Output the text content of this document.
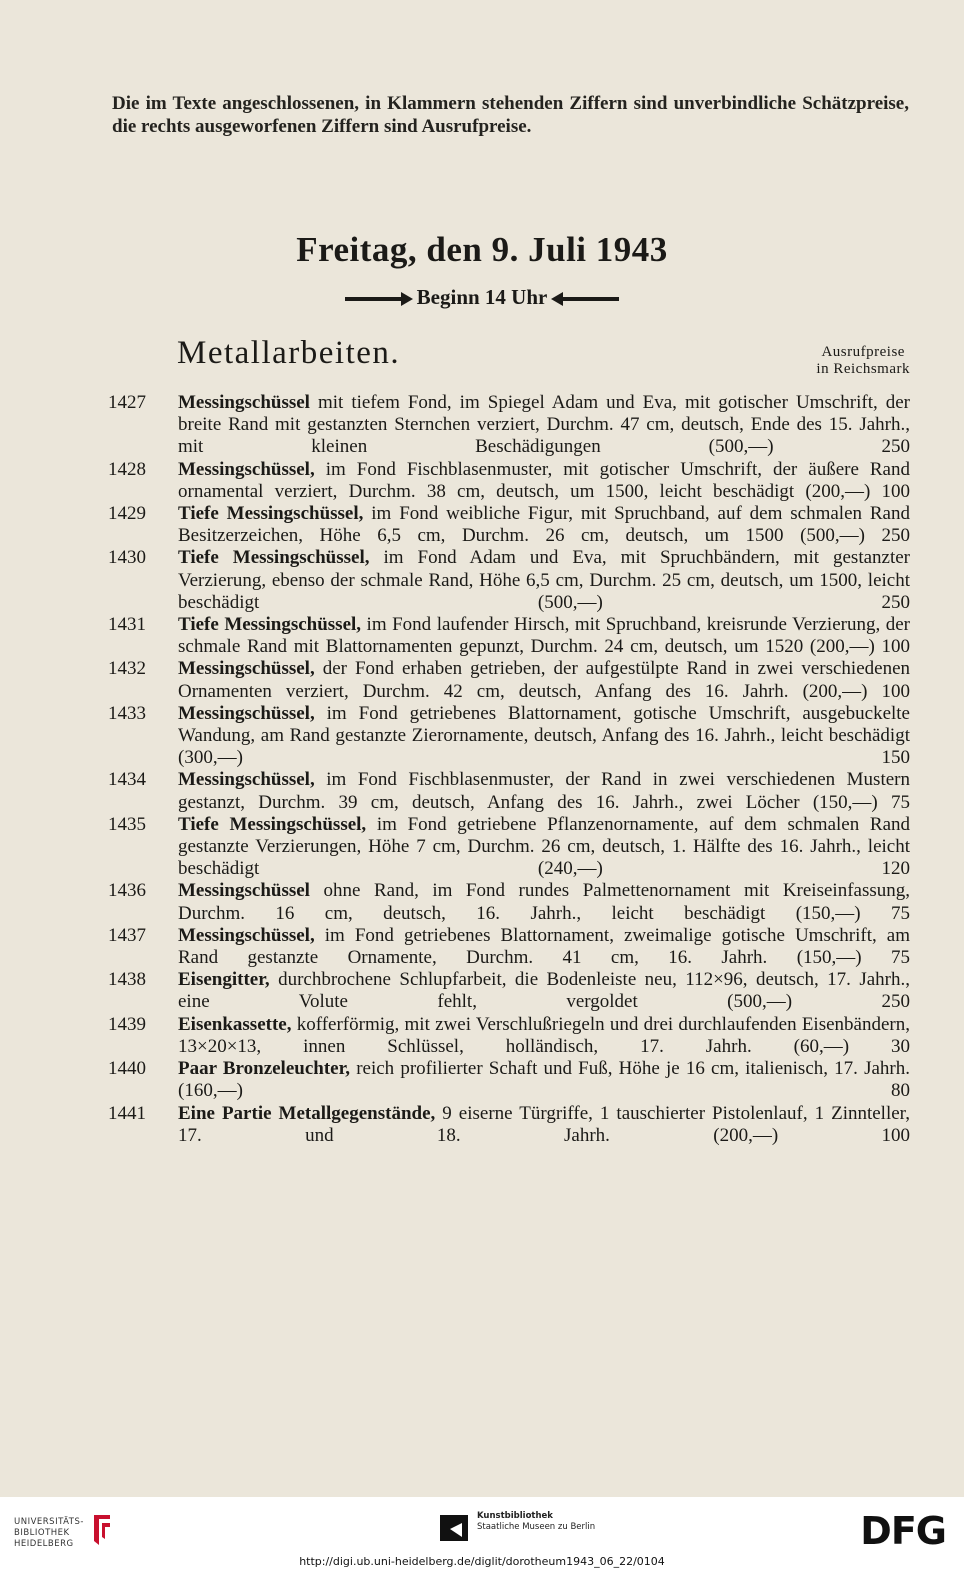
Die im Texte angeschlossenen, in Klammern stehenden Ziffern sind unverbindliche Schätzpreise, die rechts ausgeworfenen Ziffern sind Ausrufpreise.
Freitag, den 9. Juli 1943
Beginn 14 Uhr
Metallarbeiten.	Ausrufpreise
in Reichsmark
1427 Messingschüssel mit tiefem Fond, im Spiegel Adam und Eva, mit gotischer Umschrift, der breite Rand mit gestanzten Sternchen verziert, Durchm. 47 cm, deutsch, Ende des 15. Jahrh., mit kleinen Beschädigungen (500,—)	250
1428 Messingschüssel, im Fond Fischblasenmuster, mit gotischer Umschrift, der äußere Rand ornamental verziert, Durchm. 38 cm, deutsch, um 1500, leicht beschädigt (200,—) 100
1429 Tiefe Messingschüssel, im Fond weibliche Figur, mit Spruchband, auf dem schmalen Rand Besitzerzeichen, Höhe 6,5 cm, Durchm. 26 cm, deutsch, um 1500 (500,—) 250
1430 Tiefe Messingschüssel, im Fond Adam und Eva, mit Spruchbändern, mit gestanzter Verzierung, ebenso der schmale Rand, Höhe 6,5 cm, Durchm. 25 cm, deutsch, um 1500, leicht beschädigt (500,—)	250
1431 Tiefe Messingschüssel, im Fond laufender Hirsch, mit Spruchband, kreisrunde Verzierung, der schmale Rand mit Blattornamenten gepunzt, Durchm. 24 cm, deutsch, um 1520 (200,—) 100
1432 Messingschüssel, der Fond erhaben getrieben, der aufgestülpte Rand in zwei verschiedenen Ornamenten verziert, Durchm. 42 cm, deutsch, Anfang des 16. Jahrh. (200,—) 100
1433 Messingschüssel, im Fond getriebenes Blattornament, gotische Umschrift, ausgebuckelte Wandung, am Rand gestanzte Zierornamente, deutsch, Anfang des 16. Jahrh., leicht beschädigt (300,—)	150
1434 Messingschüssel, im Fond Fischblasenmuster, der Rand in zwei verschiedenen Mustern gestanzt, Durchm. 39 cm, deutsch, Anfang des 16. Jahrh., zwei Löcher (150,—) 75
1435 Tiefe Messingschüssel, im Fond getriebene Pflanzenornamente, auf dem schmalen Rand gestanzte Verzierungen, Höhe 7 cm, Durchm. 26 cm, deutsch, 1. Hälfte des 16. Jahrh., leicht beschädigt (240,—)	120
1436 Messingschüssel ohne Rand, im Fond rundes Palmettenornament mit Kreiseinfassung, Durchm. 16 cm, deutsch, 16. Jahrh., leicht beschädigt (150,—) 75
1437 Messingschüssel, im Fond getriebenes Blattornament, zweimalige gotische Umschrift, am Rand gestanzte Ornamente, Durchm. 41 cm, 16. Jahrh. (150,—) 75
1438 Eisengitter, durchbrochene Schlupfarbeit, die Bodenleiste neu, 112×96, deutsch, 17. Jahrh., eine Volute fehlt, vergoldet (500,—)	250
1439 Eisenkassette, kofferförmig, mit zwei Verschlußriegeln und drei durchlaufenden Eisenbändern, 13×20×13, innen Schlüssel, holländisch, 17. Jahrh. (60,—) 30
1440 Paar Bronzeleuchter, reich profilierter Schaft und Fuß, Höhe je 16 cm, italienisch, 17. Jahrh. (160,—)	80
1441 Eine Partie Metallgegenstände, 9 eiserne Türgriffe, 1 tauschierter Pistolenlauf, 1 Zinnteller, 17. und 18. Jahrh. (200,—)	100
UNIVERSITÄTS-
BIBLIOTHEK
HEIDELBERG
Kunstbibliothek
Staatliche Museen zu Berlin	DFG
http://digi.ub.uni-heidelberg.de/diglit/dorotheum1943_06_22/0104
